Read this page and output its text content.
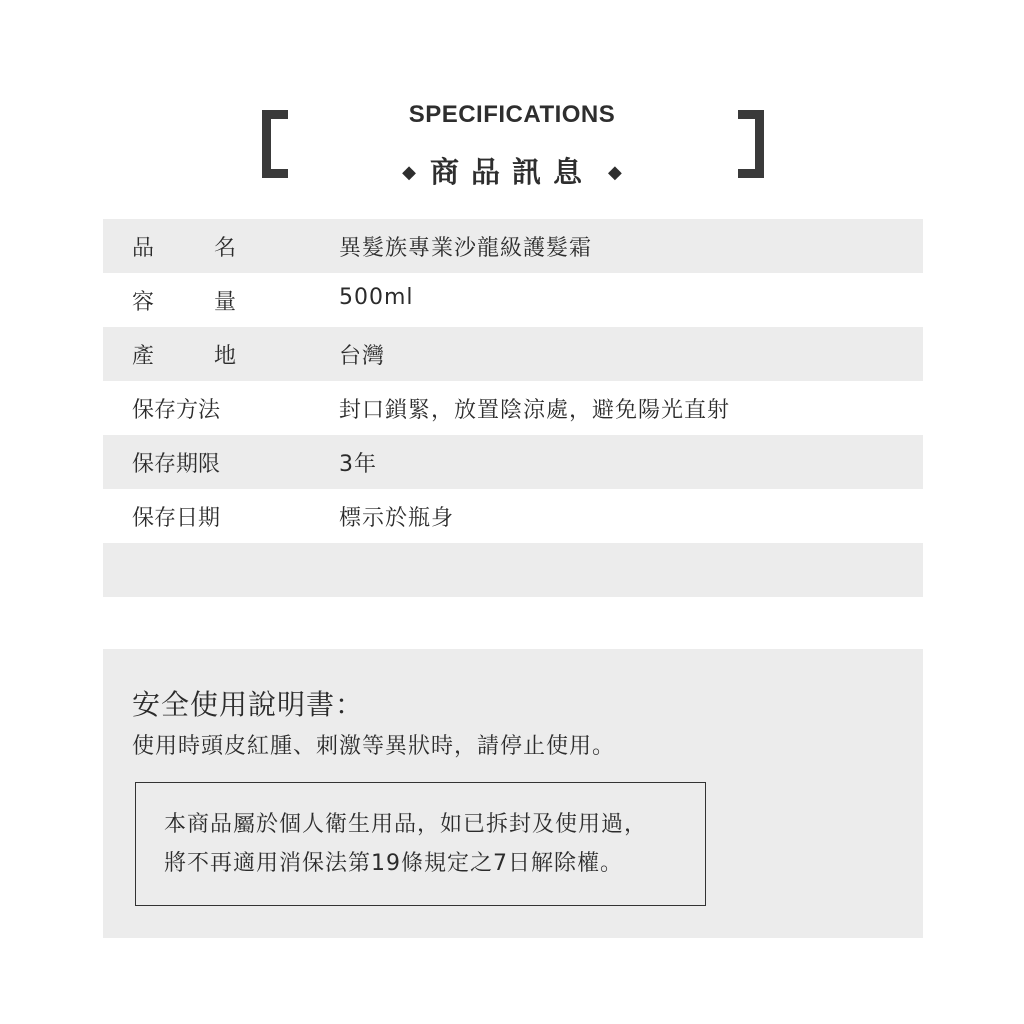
SPECIFICATIONS
◆ 商品訊息 ◆
品	名	異髮族專業沙龍級護髮霜
容	量	500ml
產	地	台灣
保存方法	封口鎖緊，放置陰涼處，避免陽光直射
保存期限	3年
保存日期	標示於瓶身
安全使用說明書：
使用時頭皮紅腫、刺激等異狀時，請停止使用。
本商品屬於個人衛生用品，如已拆封及使用過，
將不再適用消保法第19條規定之7日解除權。
